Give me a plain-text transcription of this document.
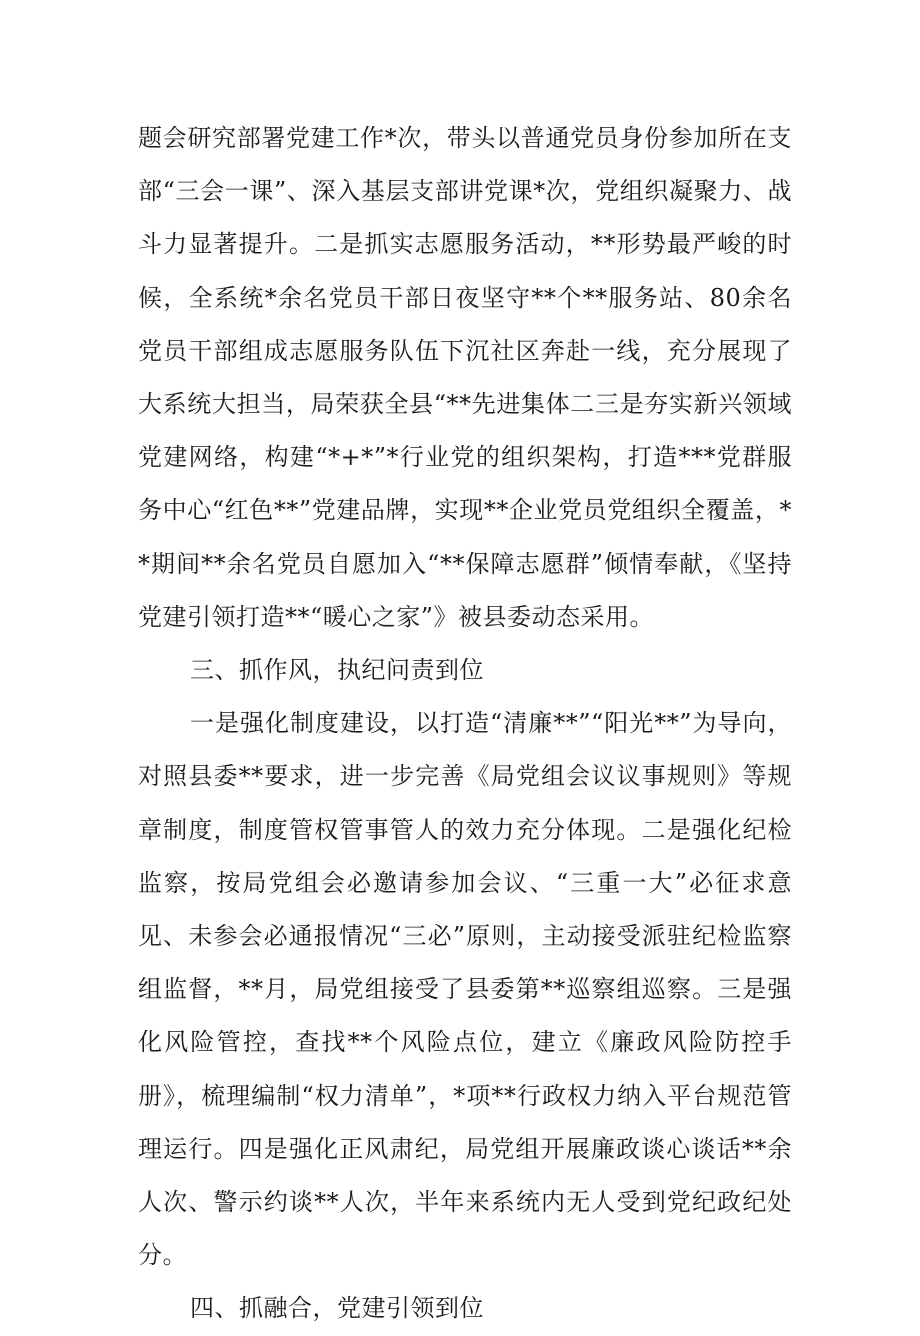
题会研究部署党建工作*次，带头以普通党员身份参加所在支部“三会一课”、深入基层支部讲党课*次，党组织凝聚力、战斗力显著提升。二是抓实志愿服务活动，**形势最严峻的时候，全系统*余名党员干部日夜坚守**个**服务站、80余名党员干部组成志愿服务队伍下沉社区奔赴一线，充分展现了大系统大担当，局荣获全县“**先进集体二三是夯实新兴领域党建网络，构建“*+*”*行业党的组织架构，打造***党群服务中心“红色**”党建品牌，实现**企业党员党组织全覆盖，**期间**余名党员自愿加入“**保障志愿群”倾情奉献，《坚持党建引领打造**“暖心之家”》被县委动态采用。

三、抓作风，执纪问责到位

一是强化制度建设，以打造“清廉**”“阳光**”为导向，对照县委**要求，进一步完善《局党组会议议事规则》等规章制度，制度管权管事管人的效力充分体现。二是强化纪检监察，按局党组会必邀请参加会议、“三重一大”必征求意见、未参会必通报情况“三必”原则，主动接受派驻纪检监察组监督，**月，局党组接受了县委第**巡察组巡察。三是强化风险管控，查找**个风险点位，建立《廉政风险防控手册》，梳理编制“权力清单”，*项**行政权力纳入平台规范管理运行。四是强化正风肃纪，局党组开展廉政谈心谈话**余人次、警示约谈**人次，半年来系统内无人受到党纪政纪处分。

四、抓融合，党建引领到位
